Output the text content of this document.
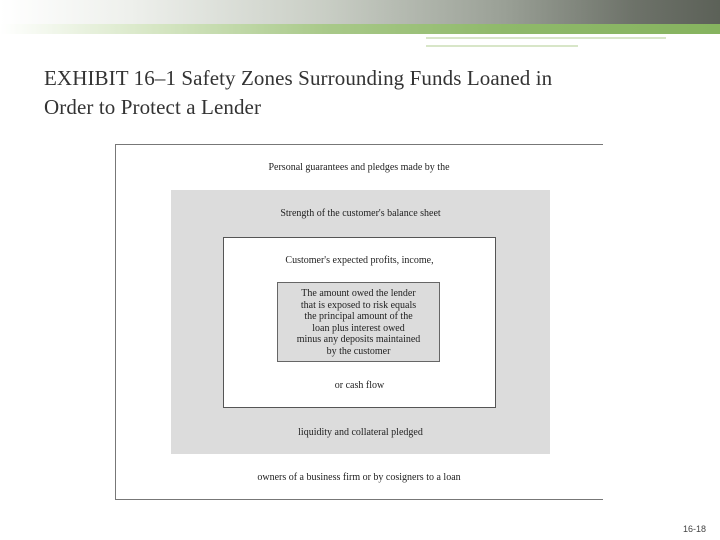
EXHIBIT 16–1 Safety Zones Surrounding Funds Loaned in
Order to Protect a Lender
Personal guarantees and pledges made by the
Strength of the customer's balance sheet
Customer's expected profits, income,
The amount owed the lender
that is exposed to risk equals
the principal amount of the
loan plus interest owed
minus any deposits maintained
by the customer
or cash flow
liquidity and collateral pledged
owners of a business firm or by cosigners to a loan
16-18
